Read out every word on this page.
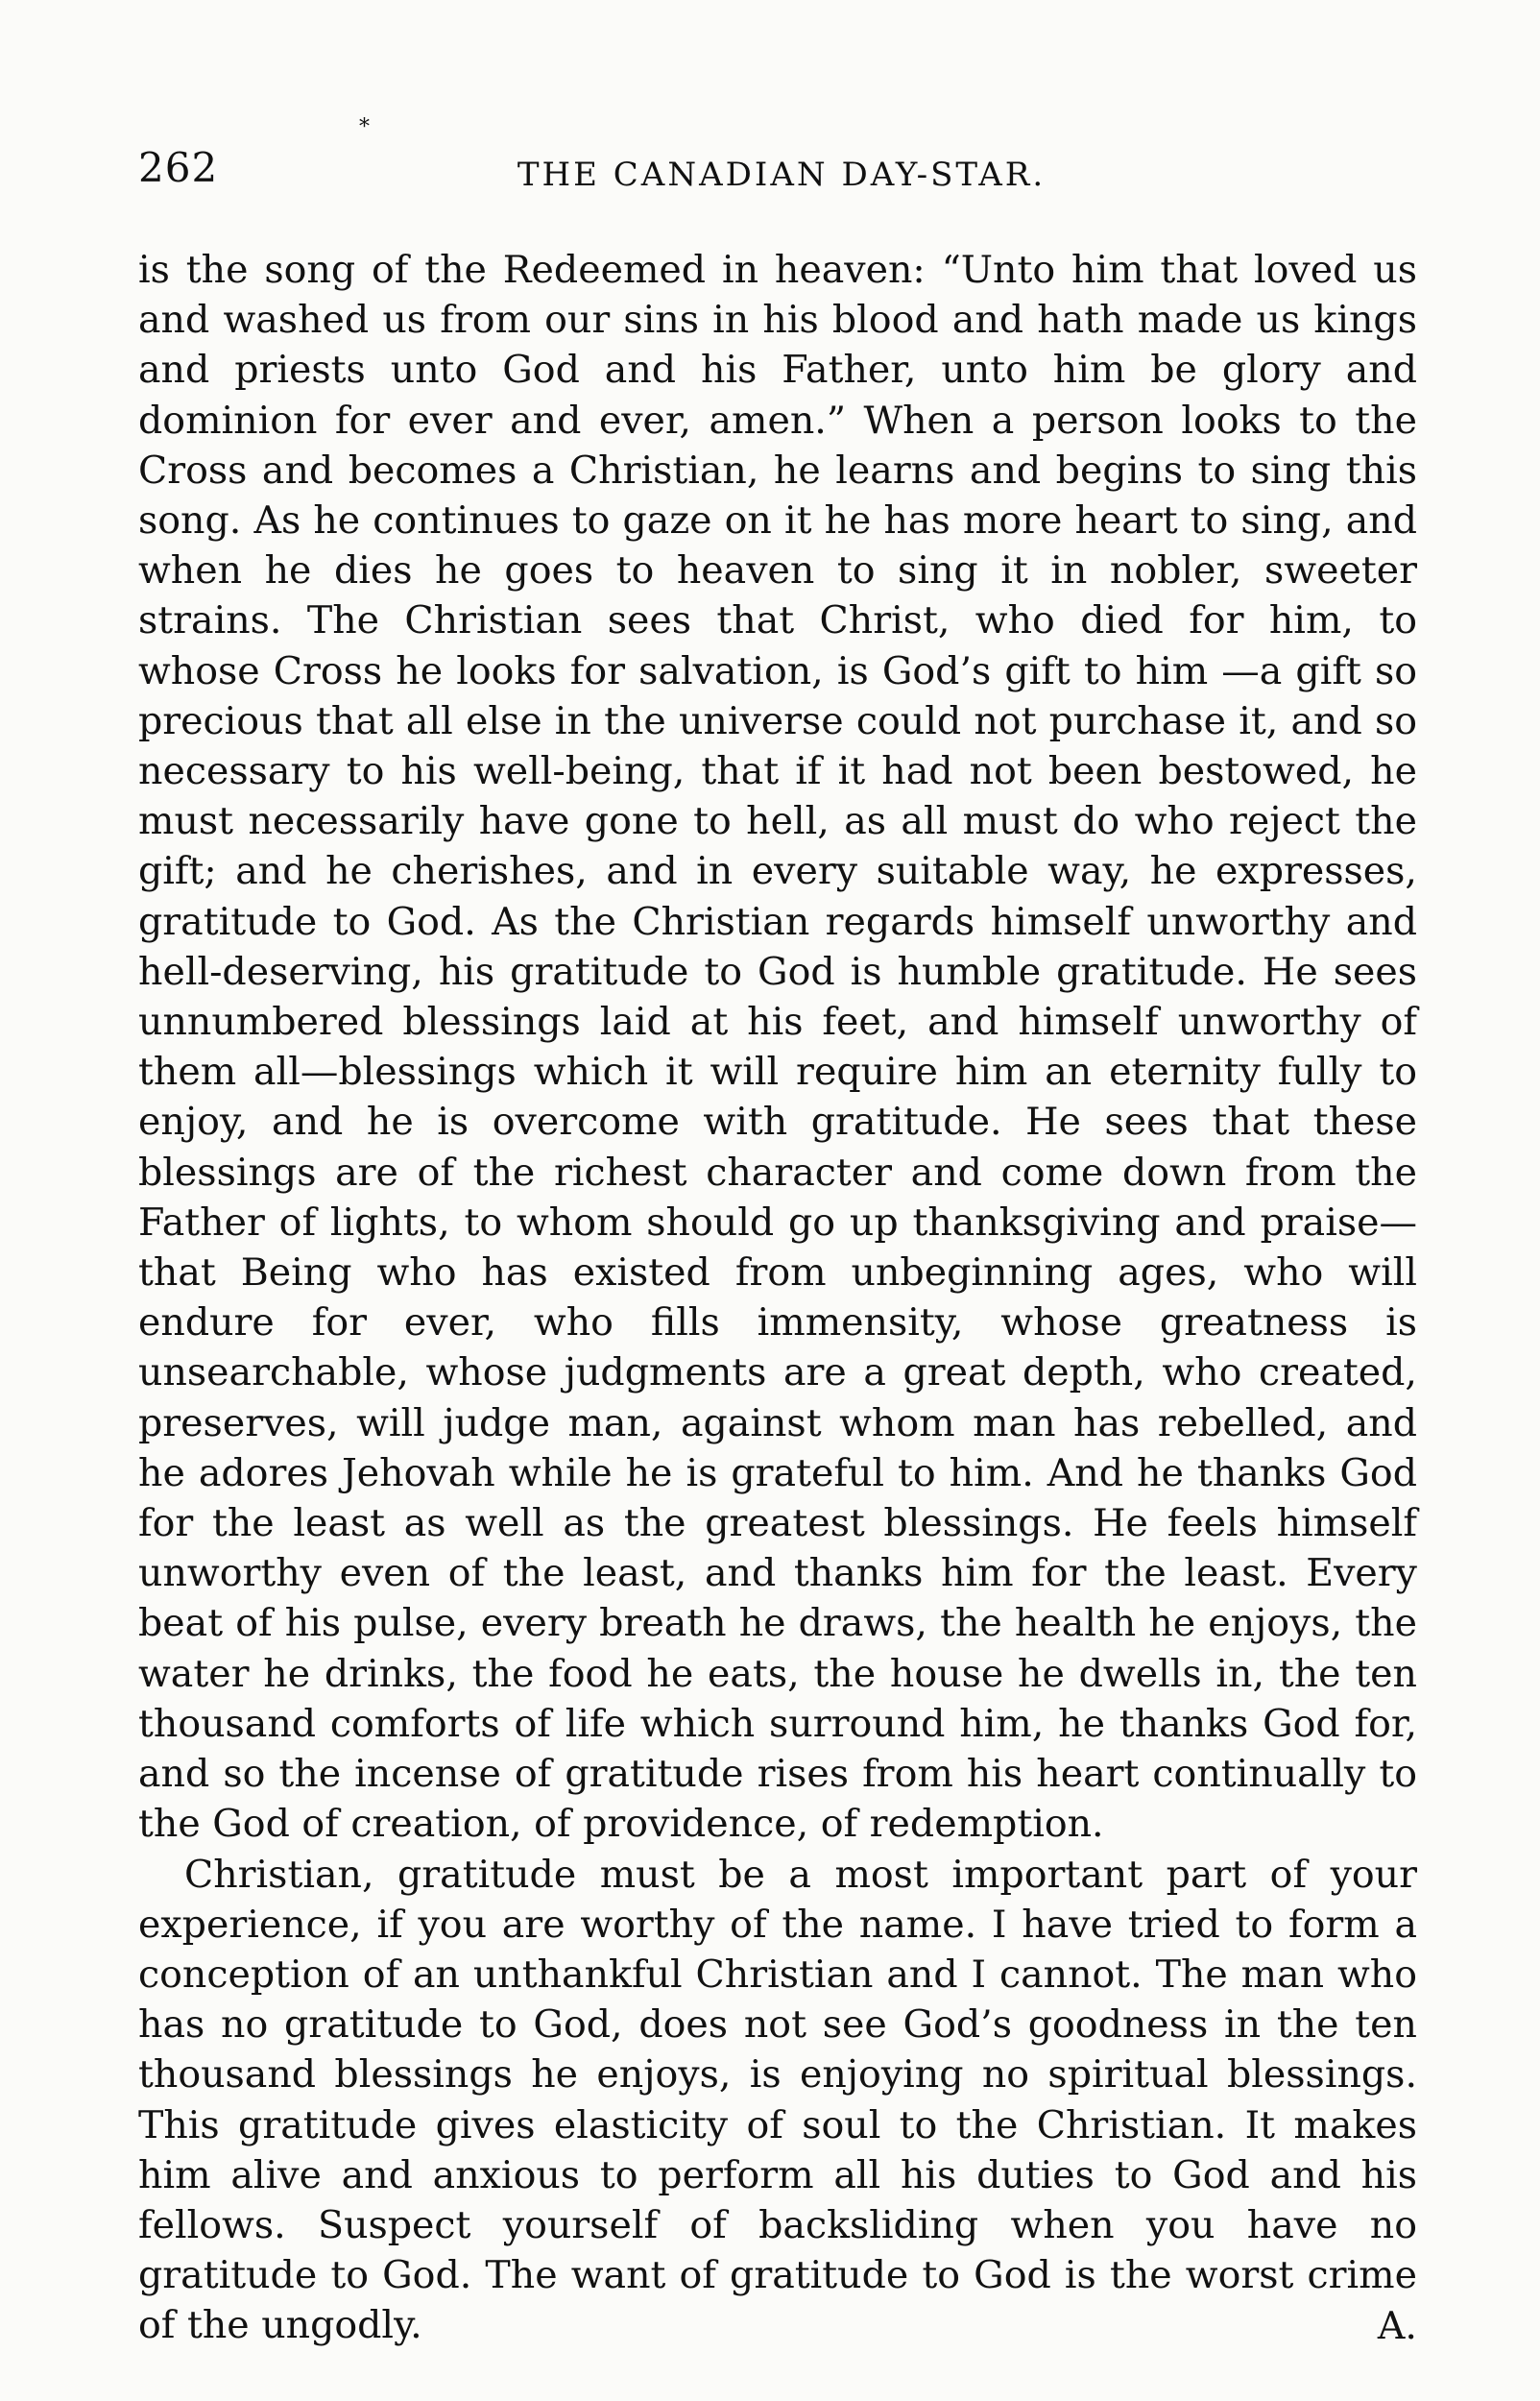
262
*
THE CANADIAN DAY-STAR.

is the song of the Redeemed in heaven: “Unto him that loved us and washed us from our sins in his blood and hath made us kings and priests unto God and his Father, unto him be glory and dominion for ever and ever, amen.” When a person looks to the Cross and becomes a Christian, he learns and begins to sing this song. As he continues to gaze on it he has more heart to sing, and when he dies he goes to heaven to sing it in nobler, sweeter strains. The Christian sees that Christ, who died for him, to whose Cross he looks for salvation, is God’s gift to him —a gift so precious that all else in the universe could not purchase it, and so necessary to his well-being, that if it had not been bestowed, he must necessarily have gone to hell, as all must do who reject the gift; and he cherishes, and in every suitable way, he expresses, gratitude to God. As the Christian regards himself unworthy and hell-deserving, his gratitude to God is humble gratitude. He sees unnumbered blessings laid at his feet, and himself unworthy of them all—blessings which it will require him an eternity fully to enjoy, and he is overcome with gratitude. He sees that these blessings are of the richest character and come down from the Father of lights, to whom should go up thanksgiving and praise—that Being who has existed from unbeginning ages, who will endure for ever, who fills immensity, whose greatness is unsearchable, whose judgments are a great depth, who created, preserves, will judge man, against whom man has rebelled, and he adores Jehovah while he is grateful to him. And he thanks God for the least as well as the greatest blessings. He feels himself unworthy even of the least, and thanks him for the least. Every beat of his pulse, every breath he draws, the health he enjoys, the water he drinks, the food he eats, the house he dwells in, the ten thousand comforts of life which surround him, he thanks God for, and so the incense of gratitude rises from his heart continually to the God of creation, of providence, of redemption.

Christian, gratitude must be a most important part of your experience, if you are worthy of the name. I have tried to form a conception of an unthankful Christian and I cannot. The man who has no gratitude to God, does not see God’s goodness in the ten thousand blessings he enjoys, is enjoying no spiritual blessings. This gratitude gives elasticity of soul to the Christian. It makes him alive and anxious to perform all his duties to God and his fellows. Suspect yourself of backsliding when you have no gratitude to God. The want of gratitude to God is the worst crime of the ungodly.	A.
